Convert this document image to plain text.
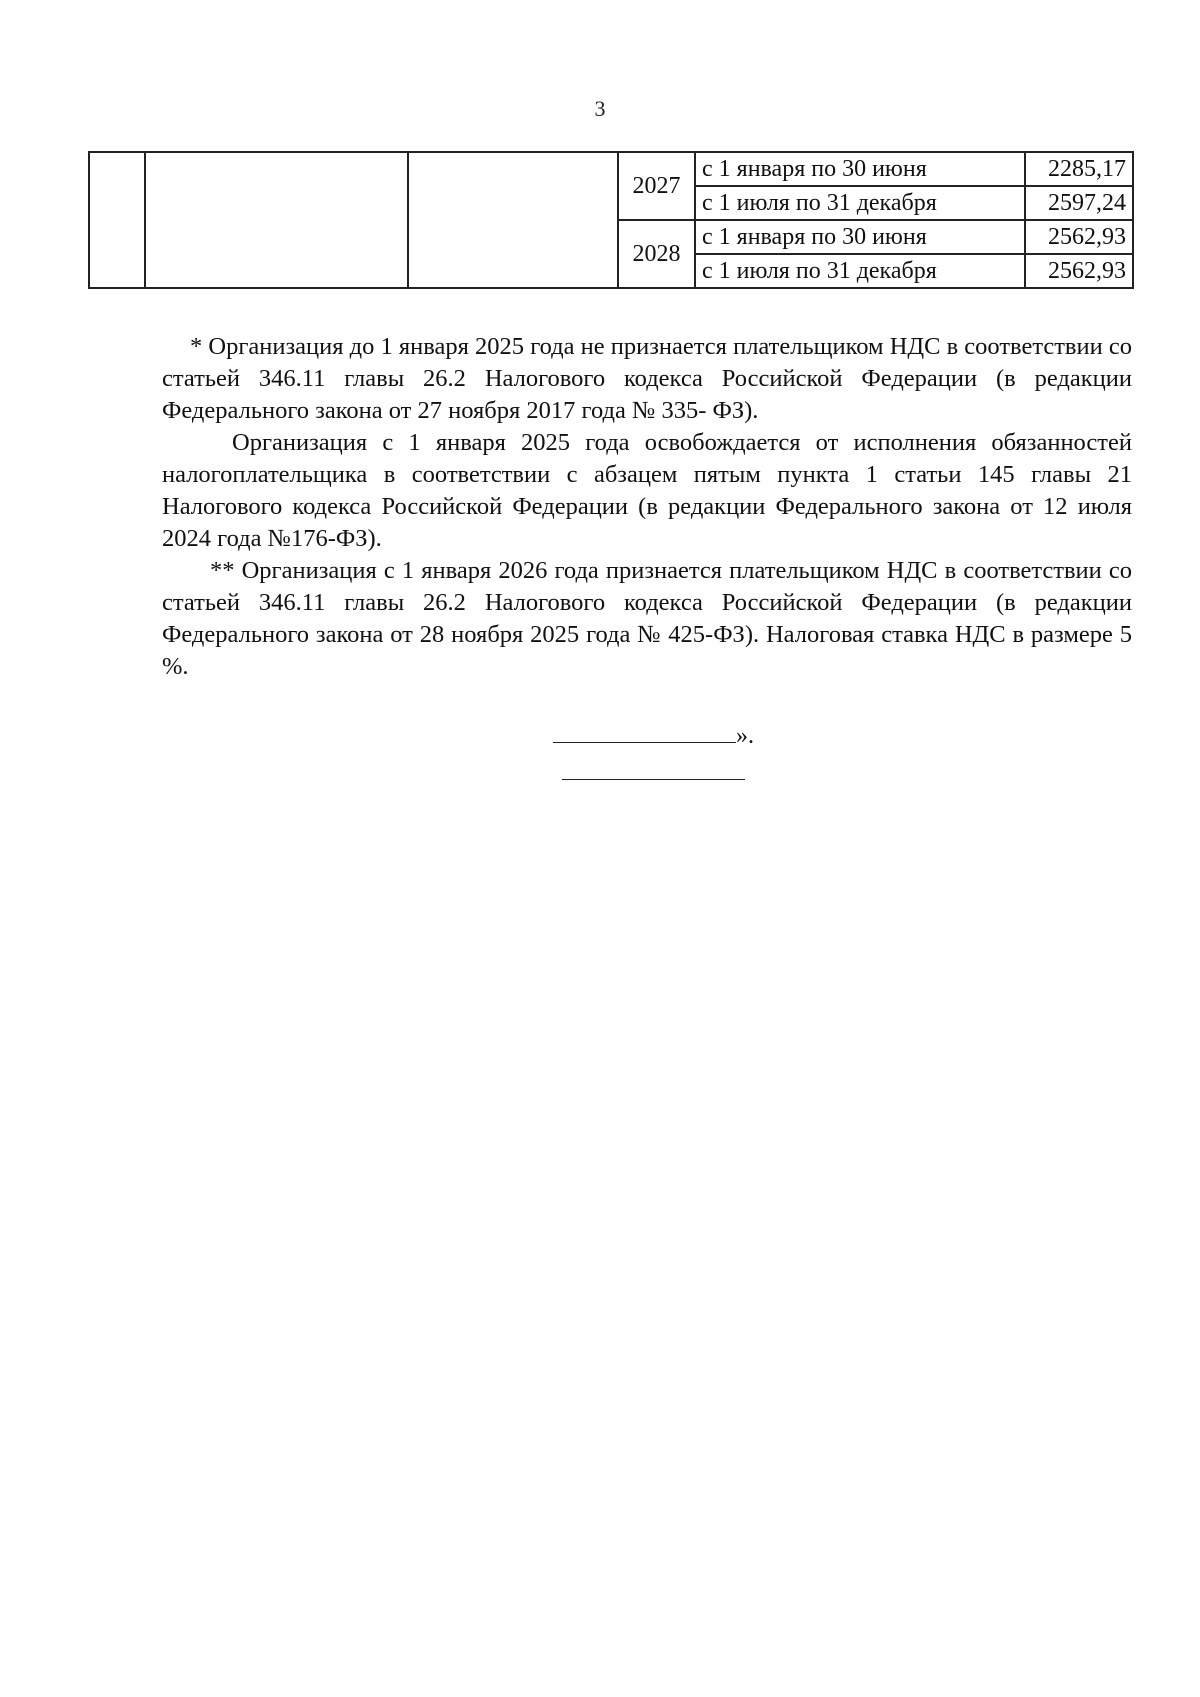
3
			2027	с 1 января по 30 июня	2285,17
				с 1 июля по 31 декабря	2597,24
			2028	с 1 января по 30 июня	2562,93
				с 1 июля по 31 декабря	2562,93

* Организация до 1 января 2025 года не признается плательщиком НДС в соответствии со статьей 346.11 главы 26.2 Налогового кодекса Российской Федерации (в редакции Федерального закона от 27 ноября 2017 года № 335- ФЗ).

Организация с 1 января 2025 года освобождается от исполнения обязанностей налогоплательщика в соответствии с абзацем пятым пункта 1 статьи 145 главы 21 Налогового кодекса Российской Федерации (в редакции Федерального закона от 12 июля 2024 года №176-ФЗ).

** Организация с 1 января 2026 года признается плательщиком НДС в соответствии со статьей 346.11 главы 26.2 Налогового кодекса Российской Федерации (в редакции Федерального закона от 28 ноября 2025 года № 425-ФЗ). Налоговая ставка НДС в размере 5 %.

».
